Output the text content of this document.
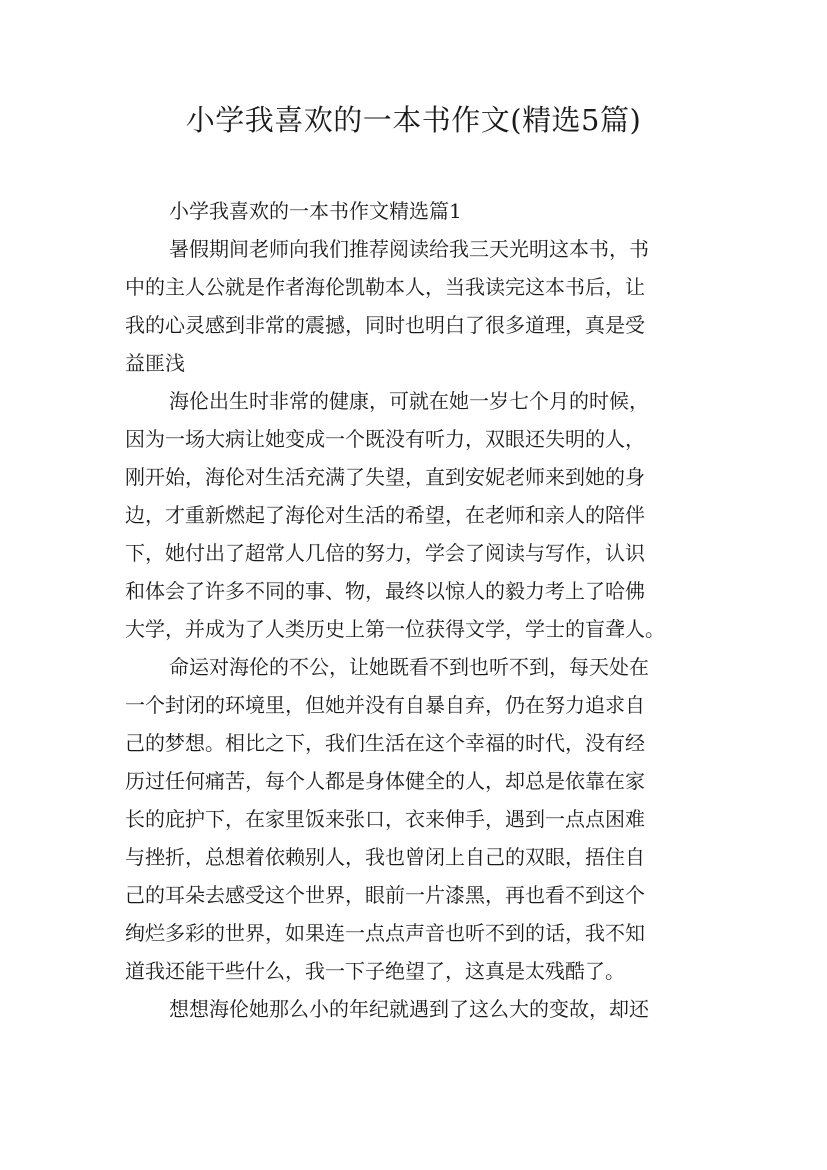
小学我喜欢的一本书作文(精选5篇)
小学我喜欢的一本书作文精选篇1
暑假期间老师向我们推荐阅读给我三天光明这本书，书
中的主人公就是作者海伦凯勒本人，当我读完这本书后，让
我的心灵感到非常的震撼，同时也明白了很多道理，真是受
益匪浅
海伦出生时非常的健康，可就在她一岁七个月的时候，
因为一场大病让她变成一个既没有听力，双眼还失明的人，
刚开始，海伦对生活充满了失望，直到安妮老师来到她的身
边，才重新燃起了海伦对生活的希望，在老师和亲人的陪伴
下，她付出了超常人几倍的努力，学会了阅读与写作，认识
和体会了许多不同的事、物，最终以惊人的毅力考上了哈佛
大学，并成为了人类历史上第一位获得文学，学士的盲聋人。
命运对海伦的不公，让她既看不到也听不到，每天处在
一个封闭的环境里，但她并没有自暴自弃，仍在努力追求自
己的梦想。相比之下，我们生活在这个幸福的时代，没有经
历过任何痛苦，每个人都是身体健全的人，却总是依靠在家
长的庇护下，在家里饭来张口，衣来伸手，遇到一点点困难
与挫折，总想着依赖别人，我也曾闭上自己的双眼，捂住自
己的耳朵去感受这个世界，眼前一片漆黑，再也看不到这个
绚烂多彩的世界，如果连一点点声音也听不到的话，我不知
道我还能干些什么，我一下子绝望了，这真是太残酷了。
想想海伦她那么小的年纪就遇到了这么大的变故，却还
